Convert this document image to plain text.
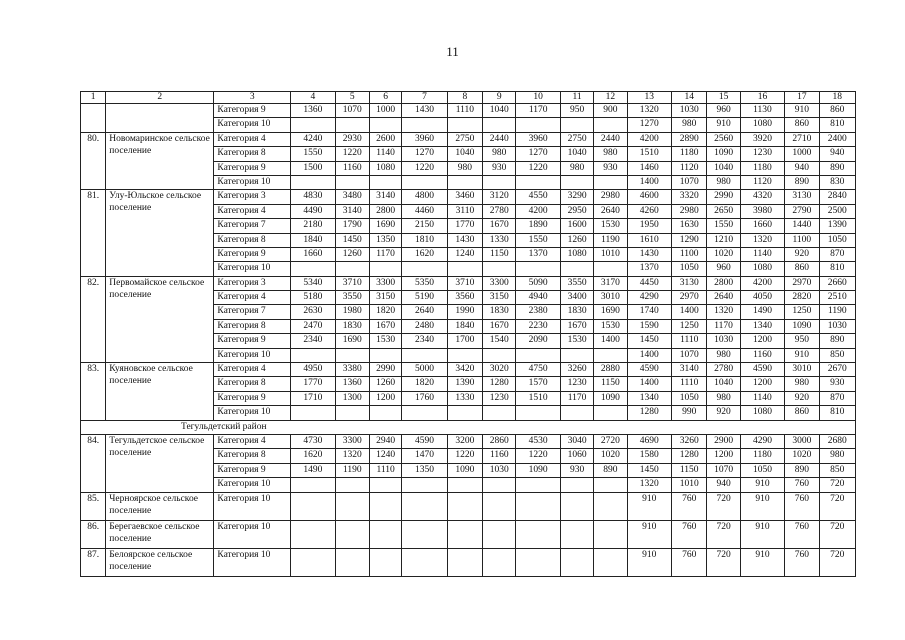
11
1	2	3	4	5	6	7	8	9	10	11	12	13	14	15	16	17	18
		Категория 9	1360	1070	1000	1430	1110	1040	1170	950	900	1320	1030	960	1130	910	860
		Категория 10										1270	980	910	1080	860	810
80.	Новомаринское сельское поселение	Категория 4	4240	2930	2600	3960	2750	2440	3960	2750	2440	4200	2890	2560	3920	2710	2400
		Категория 8	1550	1220	1140	1270	1040	980	1270	1040	980	1510	1180	1090	1230	1000	940
		Категория 9	1500	1160	1080	1220	980	930	1220	980	930	1460	1120	1040	1180	940	890
		Категория 10										1400	1070	980	1120	890	830
81.	Улу-Юльское сельское поселение	Категория 3	4830	3480	3140	4800	3460	3120	4550	3290	2980	4600	3320	2990	4320	3130	2840
		Категория 4	4490	3140	2800	4460	3110	2780	4200	2950	2640	4260	2980	2650	3980	2790	2500
		Категория 7	2180	1790	1690	2150	1770	1670	1890	1600	1530	1950	1630	1550	1660	1440	1390
		Категория 8	1840	1450	1350	1810	1430	1330	1550	1260	1190	1610	1290	1210	1320	1100	1050
		Категория 9	1660	1260	1170	1620	1240	1150	1370	1080	1010	1430	1100	1020	1140	920	870
		Категория 10										1370	1050	960	1080	860	810
82.	Первомайское сельское поселение	Категория 3	5340	3710	3300	5350	3710	3300	5090	3550	3170	4450	3130	2800	4200	2970	2660
		Категория 4	5180	3550	3150	5190	3560	3150	4940	3400	3010	4290	2970	2640	4050	2820	2510
		Категория 7	2630	1980	1820	2640	1990	1830	2380	1830	1690	1740	1400	1320	1490	1250	1190
		Категория 8	2470	1830	1670	2480	1840	1670	2230	1670	1530	1590	1250	1170	1340	1090	1030
		Категория 9	2340	1690	1530	2340	1700	1540	2090	1530	1400	1450	1110	1030	1200	950	890
		Категория 10										1400	1070	980	1160	910	850
83.	Куяновское сельское поселение	Категория 4	4950	3380	2990	5000	3420	3020	4750	3260	2880	4590	3140	2780	4590	3010	2670
		Категория 8	1770	1360	1260	1820	1390	1280	1570	1230	1150	1400	1110	1040	1200	980	930
		Категория 9	1710	1300	1200	1760	1330	1230	1510	1170	1090	1340	1050	980	1140	920	870
		Категория 10										1280	990	920	1080	860	810
Тегульдетский район																	
84.	Тегульдетское сельское поселение	Категория 4	4730	3300	2940	4590	3200	2860	4530	3040	2720	4690	3260	2900	4290	3000	2680
		Категория 8	1620	1320	1240	1470	1220	1160	1220	1060	1020	1580	1280	1200	1180	1020	980
		Категория 9	1490	1190	1110	1350	1090	1030	1090	930	890	1450	1150	1070	1050	890	850
		Категория 10										1320	1010	940	910	760	720
85.	Черноярское сельское поселение	Категория 10										910	760	720	910	760	720
86.	Берегаевское сельское поселение	Категория 10										910	760	720	910	760	720
87.	Белоярское сельское поселение	Категория 10										910	760	720	910	760	720
